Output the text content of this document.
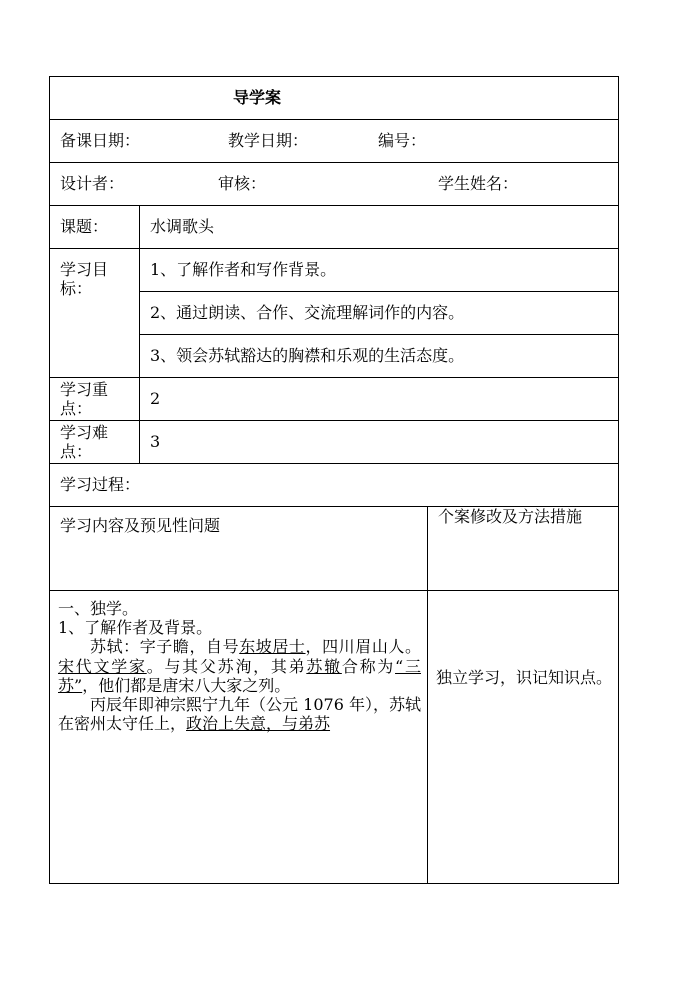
导学案		
备课日期： 教学日期： 编号：		
设计者： 审核： 学生姓名：		
课题：	水调歌头	
学习目标：	1、了解作者和写作背景。	
	2、通过朗读、合作、交流理解词作的内容。	
	3、领会苏轼豁达的胸襟和乐观的生活态度。	
学习重点：	2	
学习难点：	3	
学习过程：		
学习内容及预见性问题		个案修改及方法措施

一、独学。

1、了解作者及背景。

苏轼：字子瞻，自号东坡居士，四川眉山人。宋代文学家。与其父苏洵，其弟苏辙合称为“三苏”，他们都是唐宋八大家之列。

丙辰年即神宗熙宁九年（公元 1076 年），苏轼在密州太守任上，政治上失意，与弟苏		独立学习，识记知识点。
